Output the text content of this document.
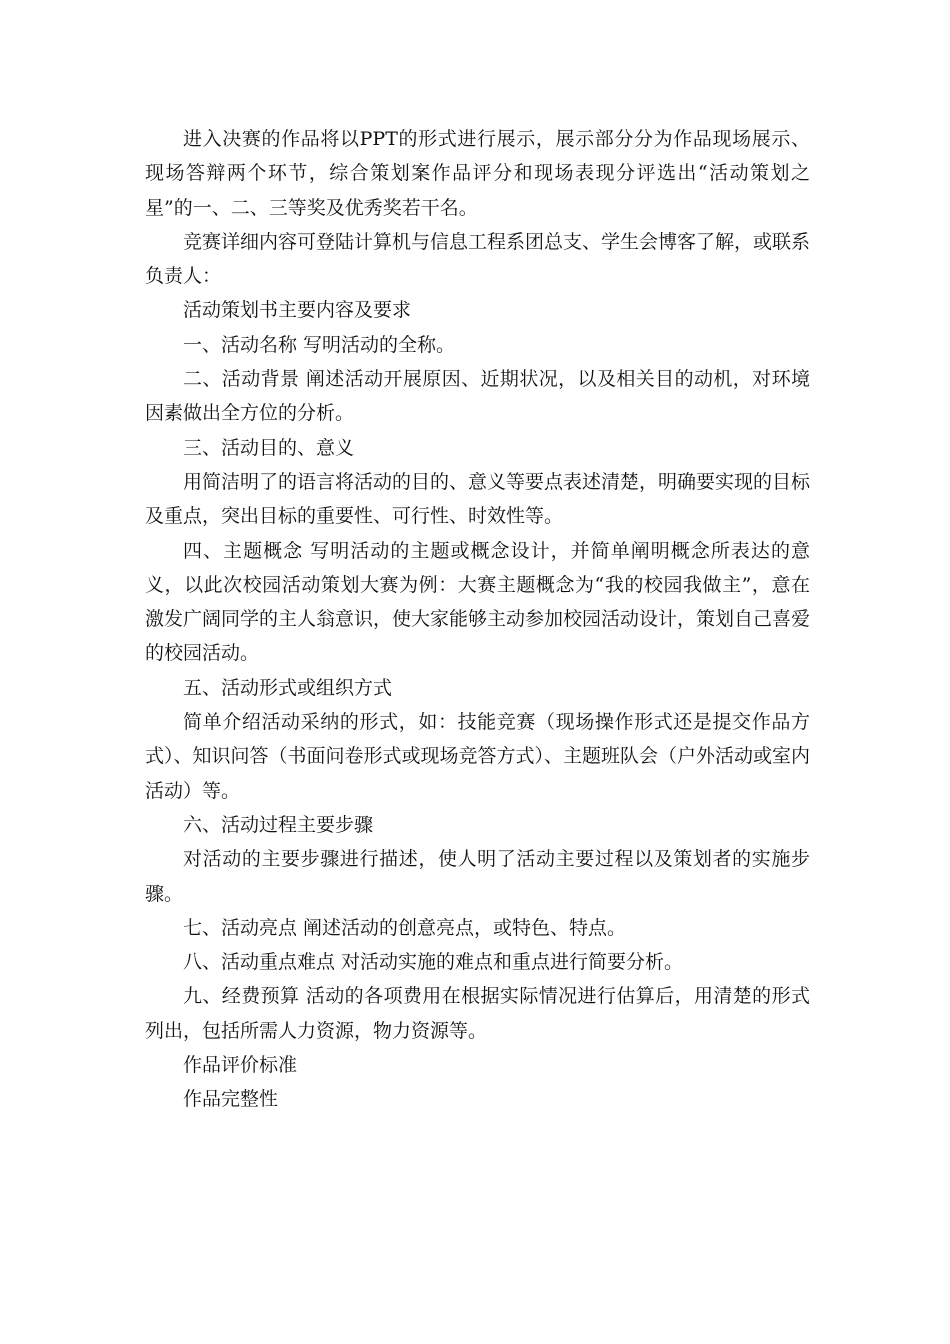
进入决赛的作品将以PPT的形式进行展示，展示部分分为作品现场展示、现场答辩两个环节，综合策划案作品评分和现场表现分评选出“活动策划之星”的一、二、三等奖及优秀奖若干名。

竞赛详细内容可登陆计算机与信息工程系团总支、学生会博客了解，或联系负责人：

活动策划书主要内容及要求

一、活动名称 写明活动的全称。

二、活动背景 阐述活动开展原因、近期状况，以及相关目的动机，对环境因素做出全方位的分析。

三、活动目的、意义

用简洁明了的语言将活动的目的、意义等要点表述清楚，明确要实现的目标及重点，突出目标的重要性、可行性、时效性等。

四、主题概念 写明活动的主题或概念设计，并简单阐明概念所表达的意义，以此次校园活动策划大赛为例：大赛主题概念为“我的校园我做主”，意在激发广阔同学的主人翁意识，使大家能够主动参加校园活动设计，策划自己喜爱的校园活动。

五、活动形式或组织方式

简单介绍活动采纳的形式，如：技能竞赛（现场操作形式还是提交作品方式）、知识问答（书面问卷形式或现场竞答方式）、主题班队会（户外活动或室内活动）等。

六、活动过程主要步骤

对活动的主要步骤进行描述，使人明了活动主要过程以及策划者的实施步骤。

七、活动亮点 阐述活动的创意亮点，或特色、特点。

八、活动重点难点 对活动实施的难点和重点进行简要分析。

九、经费预算 活动的各项费用在根据实际情况进行估算后，用清楚的形式列出，包括所需人力资源，物力资源等。

作品评价标准

作品完整性
